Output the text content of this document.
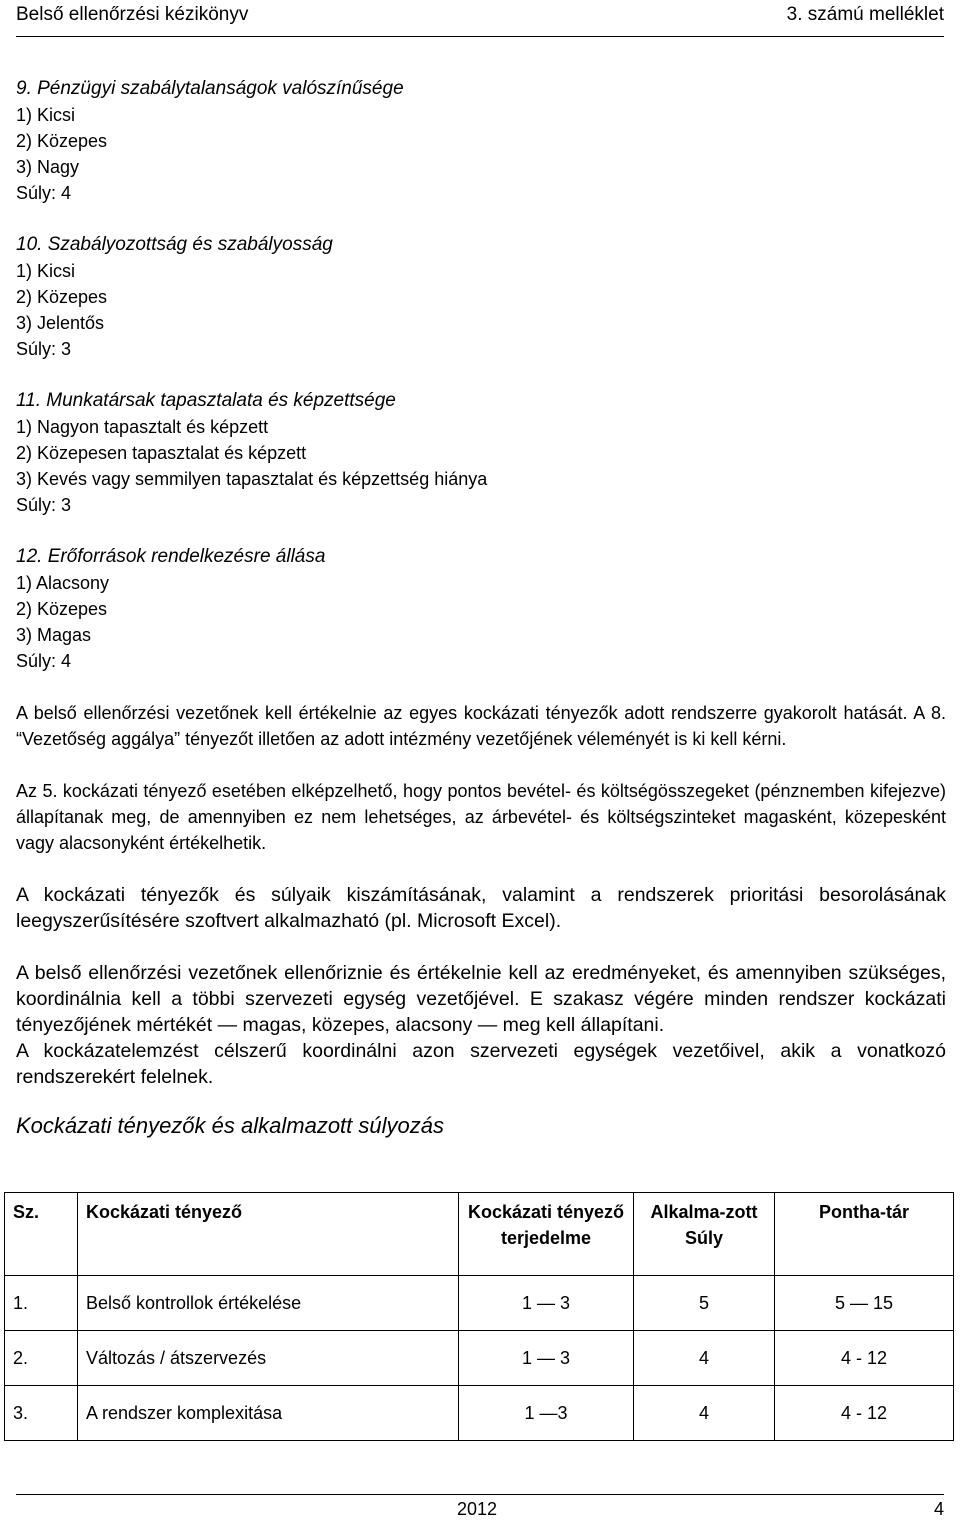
Belső ellenőrzési kézikönyv	3. számú melléklet
9. Pénzügyi szabálytalanságok valószínűsége
1) Kicsi
2) Közepes
3) Nagy
Súly: 4
10. Szabályozottság és szabályosság
1) Kicsi
2) Közepes
3) Jelentős
Súly: 3
11. Munkatársak tapasztalata és képzettsége
1) Nagyon tapasztalt és képzett
2) Közepesen tapasztalat és képzett
3) Kevés vagy semmilyen tapasztalat és képzettség hiánya
Súly: 3
12. Erőforrások rendelkezésre állása
1) Alacsony
2) Közepes
3) Magas
Súly: 4

A belső ellenőrzési vezetőnek kell értékelnie az egyes kockázati tényezők adott rendszerre gyakorolt hatását. A 8. “Vezetőség aggálya” tényezőt illetően az adott intézmény vezetőjének véleményét is ki kell kérni.

Az 5. kockázati tényező esetében elképzelhető, hogy pontos bevétel- és költségösszegeket (pénznemben kifejezve) állapítanak meg, de amennyiben ez nem lehetséges, az árbevétel- és költségszinteket magasként, közepesként vagy alacsonyként értékelhetik.

A kockázati tényezők és súlyaik kiszámításának, valamint a rendszerek prioritási besorolásának leegyszerűsítésére szoftvert alkalmazható (pl. Microsoft Excel).

A belső ellenőrzési vezetőnek ellenőriznie és értékelnie kell az eredményeket, és amennyiben szükséges, koordinálnia kell a többi szervezeti egység vezetőjével. E szakasz végére minden rendszer kockázati tényezőjének mértékét — magas, közepes, alacsony — meg kell állapítani.

A kockázatelemzést célszerű koordinálni azon szervezeti egységek vezetőivel, akik a vonatkozó rendszerekért felelnek.

Kockázati tényezők és alkalmazott súlyozás
Sz.	Kockázati tényező	Kockázati tényező terjedelme	Alkalma-zott Súly	Pontha-tár
1.	Belső kontrollok értékelése	1 — 3	5	5 — 15
2.	Változás / átszervezés	1 — 3	4	4 - 12
3.	A rendszer komplexitása	1 —3	4	4 - 12
2012	4
